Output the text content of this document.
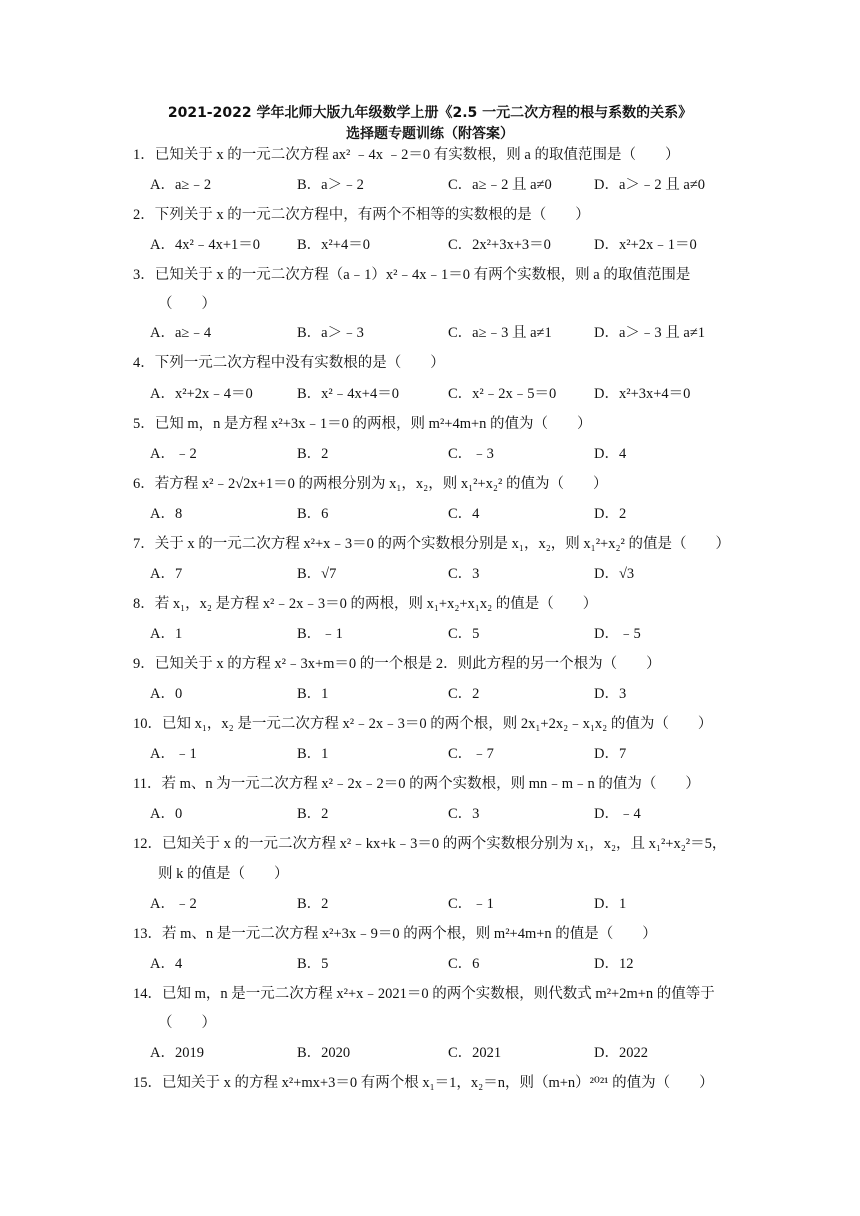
2021-2022 学年北师大版九年级数学上册《2.5 一元二次方程的根与系数的关系》
选择题专题训练（附答案）
1．已知关于 x 的一元二次方程 ax² ﹣4x ﹣2＝0 有实数根，则 a 的取值范围是（　　）
A．a≥﹣2	B．a＞﹣2	C．a≥﹣2 且 a≠0	D．a＞﹣2 且 a≠0
2．下列关于 x 的一元二次方程中，有两个不相等的实数根的是（　　）
A．4x²﹣4x+1＝0	B．x²+4＝0	C．2x²+3x+3＝0	D．x²+2x﹣1＝0
3．已知关于 x 的一元二次方程（a﹣1）x²﹣4x﹣1＝0 有两个实数根，则 a 的取值范围是
（　　）
A．a≥﹣4	B．a＞﹣3	C．a≥﹣3 且 a≠1	D．a＞﹣3 且 a≠1
4．下列一元二次方程中没有实数根的是（　　）
A．x²+2x﹣4＝0	B．x²﹣4x+4＝0	C．x²﹣2x﹣5＝0	D．x²+3x+4＝0
5．已知 m，n 是方程 x²+3x﹣1＝0 的两根，则 m²+4m+n 的值为（　　）
A．﹣2	B．2	C．﹣3	D．4
6．若方程 x²﹣2√2x+1＝0 的两根分别为 x₁，x₂，则 x₁²+x₂² 的值为（　　）
A．8	B．6	C．4	D．2
7．关于 x 的一元二次方程 x²+x﹣3＝0 的两个实数根分别是 x₁，x₂，则 x₁²+x₂² 的值是（　　）
A．7	B．√7	C．3	D．√3
8．若 x₁，x₂ 是方程 x²﹣2x﹣3＝0 的两根，则 x₁+x₂+x₁x₂ 的值是（　　）
A．1	B．﹣1	C．5	D．﹣5
9．已知关于 x 的方程 x²﹣3x+m＝0 的一个根是 2．则此方程的另一个根为（　　）
A．0	B．1	C．2	D．3
10．已知 x₁，x₂ 是一元二次方程 x²﹣2x﹣3＝0 的两个根，则 2x₁+2x₂﹣x₁x₂ 的值为（　　）
A．﹣1	B．1	C．﹣7	D．7
11．若 m、n 为一元二次方程 x²﹣2x﹣2＝0 的两个实数根，则 mn﹣m﹣n 的值为（　　）
A．0	B．2	C．3	D．﹣4
12．已知关于 x 的一元二次方程 x²﹣kx+k﹣3＝0 的两个实数根分别为 x₁，x₂，且 x₁²+x₂²＝5，
则 k 的值是（　　）
A．﹣2	B．2	C．﹣1	D．1
13．若 m、n 是一元二次方程 x²+3x﹣9＝0 的两个根，则 m²+4m+n 的值是（　　）
A．4	B．5	C．6	D．12
14．已知 m，n 是一元二次方程 x²+x﹣2021＝0 的两个实数根，则代数式 m²+2m+n 的值等于
（　　）
A．2019	B．2020	C．2021	D．2022
15．已知关于 x 的方程 x²+mx+3＝0 有两个根 x₁＝1，x₂＝n，则（m+n）²⁰²¹ 的值为（　　）
